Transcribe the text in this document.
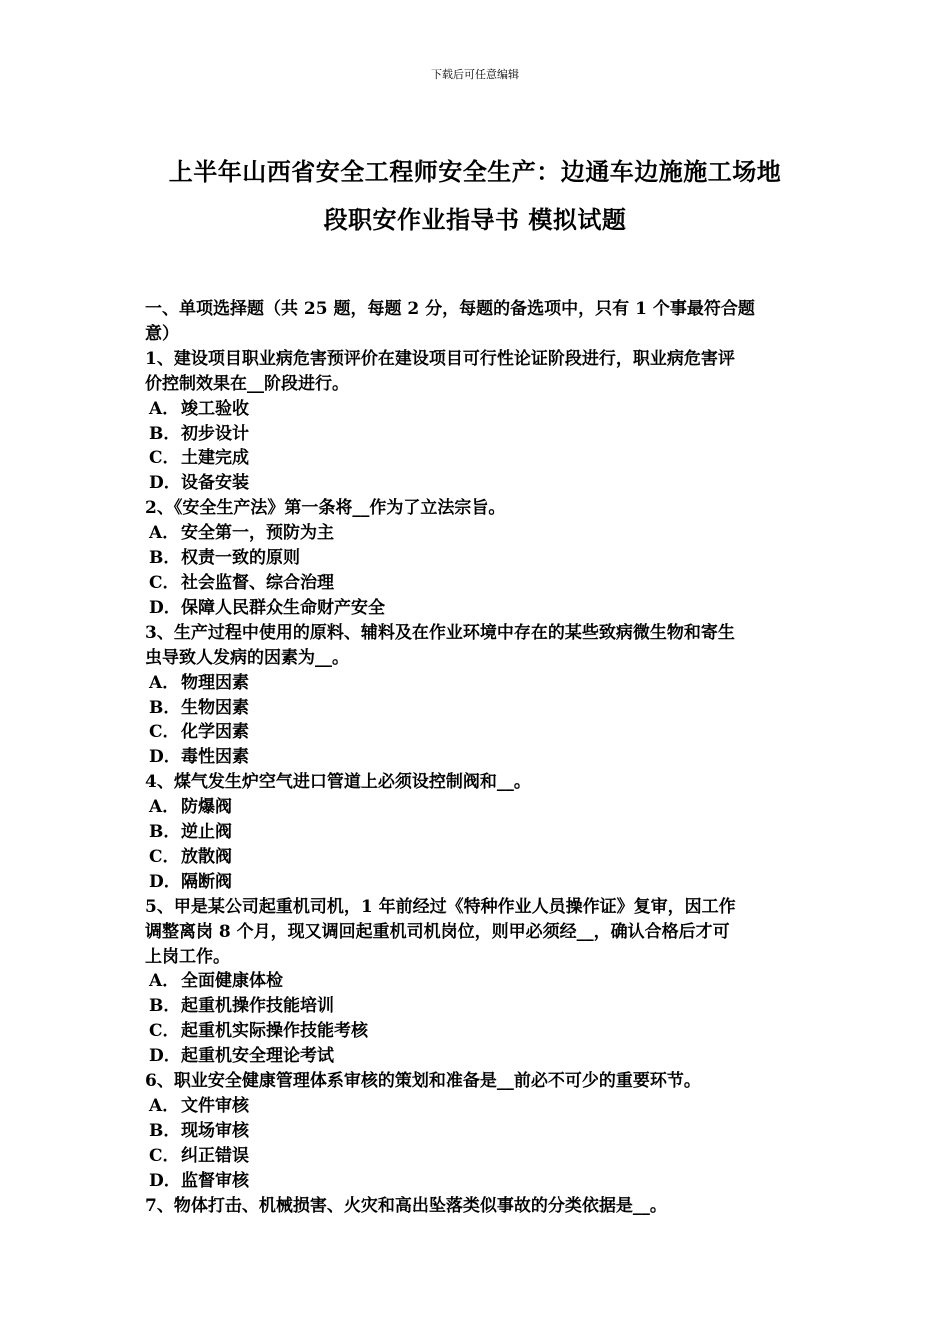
下载后可任意编辑
上半年山西省安全工程师安全生产：边通车边施施工场地
段职安作业指导书 模拟试题
一、单项选择题（共 25 题，每题 2 分，每题的备选项中，只有 1 个事最符合题
意）
1、建设项目职业病危害预评价在建设项目可行性论证阶段进行，职业病危害评
价控制效果在__阶段进行。
A． 竣工验收
B．初步设计
C．土建完成
D．设备安装
2、《安全生产法》第一条将__作为了立法宗旨。
A． 安全第一，预防为主
B．权责一致的原则
C．社会监督、综合治理
D．保障人民群众生命财产安全
3、生产过程中使用的原料、辅料及在作业环境中存在的某些致病微生物和寄生
虫导致人发病的因素为__。
A． 物理因素
B．生物因素
C．化学因素
D．毒性因素
4、煤气发生炉空气进口管道上必须设控制阀和__。
A． 防爆阀
B．逆止阀
C．放散阀
D．隔断阀
5、甲是某公司起重机司机，1 年前经过《特种作业人员操作证》复审，因工作
调整离岗 8 个月，现又调回起重机司机岗位，则甲必须经__，确认合格后才可
上岗工作。
A． 全面健康体检
B．起重机操作技能培训
C．起重机实际操作技能考核
D．起重机安全理论考试
6、职业安全健康管理体系审核的策划和准备是__前必不可少的重要环节。
A． 文件审核
B．现场审核
C．纠正错误
D．监督审核
7、物体打击、机械损害、火灾和高出坠落类似事故的分类依据是__。
